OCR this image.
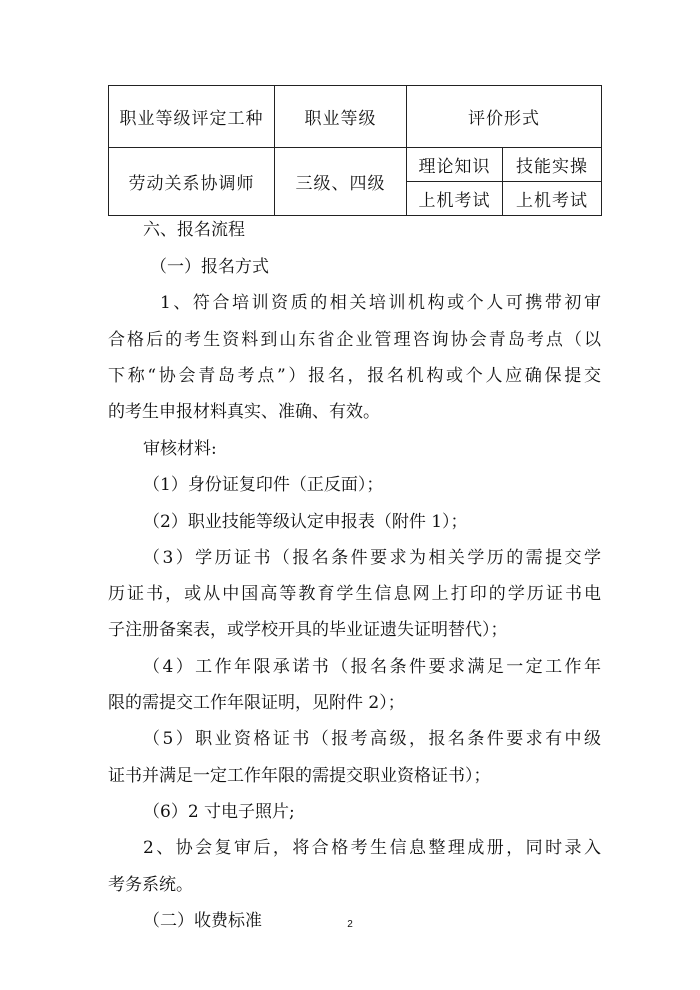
职业等级评定工种	职业等级	评价形式	
劳动关系协调师	三级、四级	理论知识	技能实操
		上机考试	上机考试
六、报名流程
（一）报名方式
1、符合培训资质的相关培训机构或个人可携带初审
合格后的考生资料到山东省企业管理咨询协会青岛考点（以
下称“协会青岛考点”）报名，报名机构或个人应确保提交
的考生申报材料真实、准确、有效。
审核材料:
（1）身份证复印件（正反面）；
（2）职业技能等级认定申报表（附件 1）；
（3）学历证书（报名条件要求为相关学历的需提交学
历证书，或从中国高等教育学生信息网上打印的学历证书电
子注册备案表，或学校开具的毕业证遗失证明替代）；
（4）工作年限承诺书（报名条件要求满足一定工作年
限的需提交工作年限证明，见附件 2）；
（5）职业资格证书（报考高级，报名条件要求有中级
证书并满足一定工作年限的需提交职业资格证书）；
（6）2 寸电子照片;
2、协会复审后，将合格考生信息整理成册，同时录入
考务系统。
（二）收费标准	2
